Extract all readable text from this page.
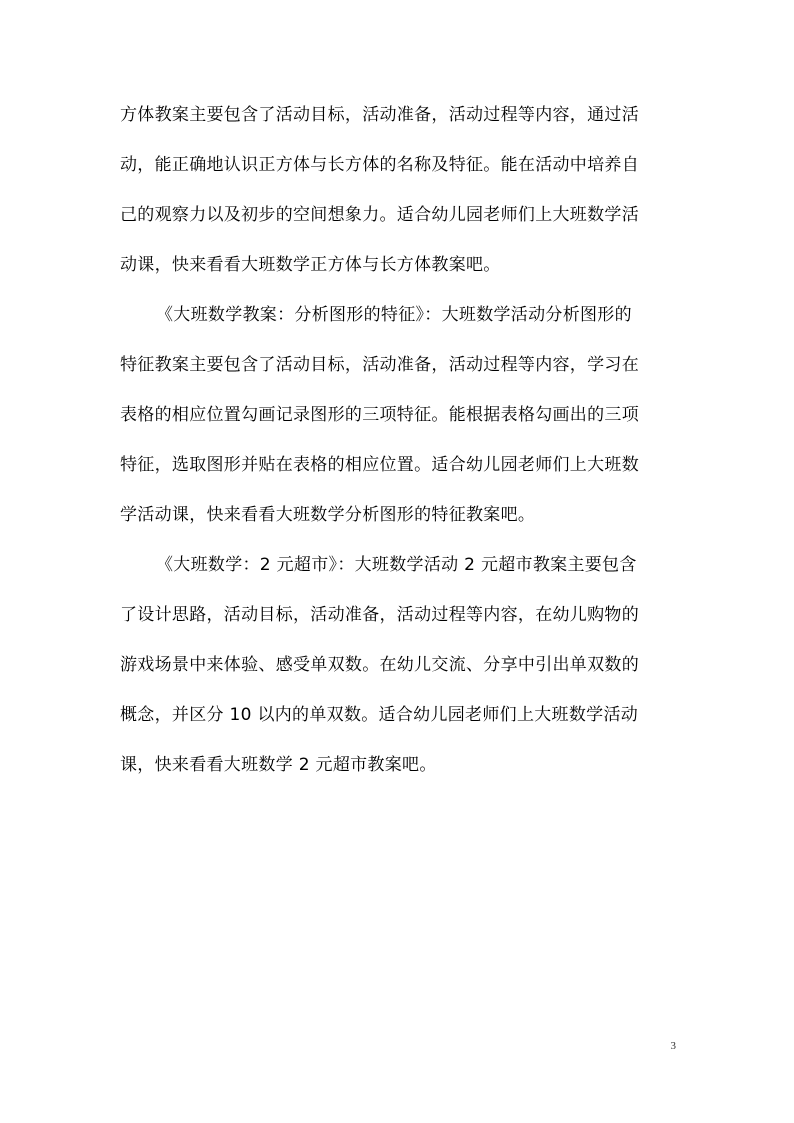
方体教案主要包含了活动目标，活动准备，活动过程等内容，通过活
动，能正确地认识正方体与长方体的名称及特征。能在活动中培养自
己的观察力以及初步的空间想象力。适合幼儿园老师们上大班数学活
动课，快来看看大班数学正方体与长方体教案吧。
《大班数学教案：分析图形的特征》：大班数学活动分析图形的
特征教案主要包含了活动目标，活动准备，活动过程等内容，学习在
表格的相应位置勾画记录图形的三项特征。能根据表格勾画出的三项
特征，选取图形并贴在表格的相应位置。适合幼儿园老师们上大班数
学活动课，快来看看大班数学分析图形的特征教案吧。
《大班数学：2 元超市》：大班数学活动 2 元超市教案主要包含
了设计思路，活动目标，活动准备，活动过程等内容，在幼儿购物的
游戏场景中来体验、感受单双数。在幼儿交流、分享中引出单双数的
概念，并区分 10 以内的单双数。适合幼儿园老师们上大班数学活动
课，快来看看大班数学 2 元超市教案吧。
3
